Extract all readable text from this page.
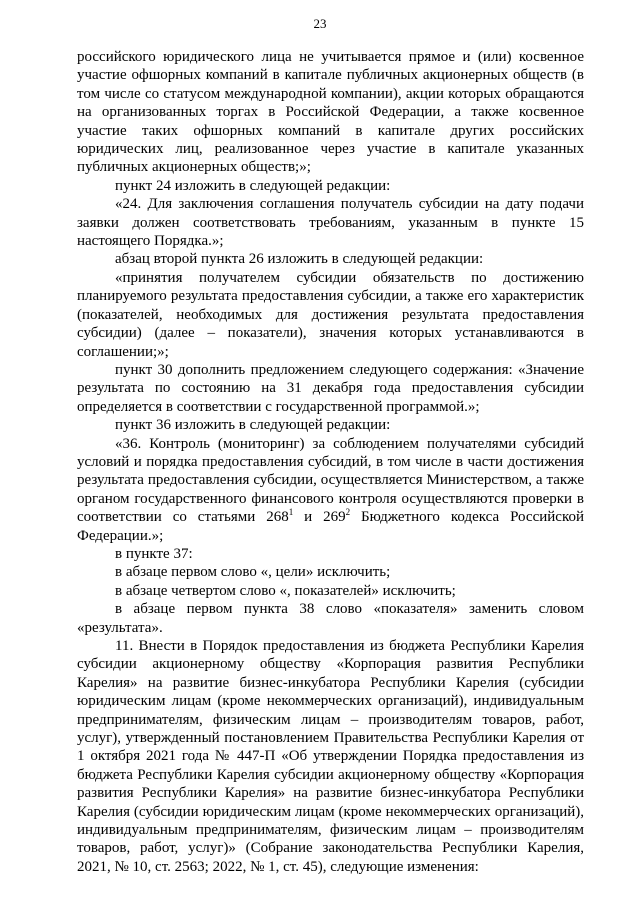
23

российского юридического лица не учитывается прямое и (или) косвенное участие офшорных компаний в капитале публичных акционерных обществ (в том числе со статусом международной компании), акции которых обращаются на организованных торгах в Российской Федерации, а также косвенное участие таких офшорных компаний в капитале других российских юридических лиц, реализованное через участие в капитале указанных публичных акционерных обществ;»;

пункт 24 изложить в следующей редакции:

«24. Для заключения соглашения получатель субсидии на дату подачи заявки должен соответствовать требованиям, указанным в пункте 15 настоящего Порядка.»;

абзац второй пункта 26 изложить в следующей редакции:

«принятия получателем субсидии обязательств по достижению планируемого результата предоставления субсидии, а также его характеристик (показателей, необходимых для достижения результата предоставления субсидии) (далее – показатели), значения которых устанавливаются в соглашении;»;

пункт 30 дополнить предложением следующего содержания: «Значение результата по состоянию на 31 декабря года предоставления субсидии определяется в соответствии с государственной программой.»;

пункт 36 изложить в следующей редакции:

«36. Контроль (мониторинг) за соблюдением получателями субсидий условий и порядка предоставления субсидий, в том числе в части достижения результата предоставления субсидии, осуществляется Министерством, а также органом государственного финансового контроля осуществляются проверки в соответствии со статьями $268^1$ и $269^2$ Бюджетного кодекса Российской Федерации.»;

в пункте 37:

в абзаце первом слово «, цели» исключить;

в абзаце четвертом слово «, показателей» исключить;

в абзаце первом пункта 38 слово «показателя» заменить словом «результата».

11. Внести в Порядок предоставления из бюджета Республики Карелия субсидии акционерному обществу «Корпорация развития Республики Карелия» на развитие бизнес-инкубатора Республики Карелия (субсидии юридическим лицам (кроме некоммерческих организаций), индивидуальным предпринимателям, физическим лицам – производителям товаров, работ, услуг), утвержденный постановлением Правительства Республики Карелия от 1 октября 2021 года № 447-П «Об утверждении Порядка предоставления из бюджета Республики Карелия субсидии акционерному обществу «Корпорация развития Республики Карелия» на развитие бизнес-инкубатора Республики Карелия (субсидии юридическим лицам (кроме некоммерческих организаций), индивидуальным предпринимателям, физическим лицам – производителям товаров, работ, услуг)» (Собрание законодательства Республики Карелия, 2021, № 10, ст. 2563; 2022, № 1, ст. 45), следующие изменения:
